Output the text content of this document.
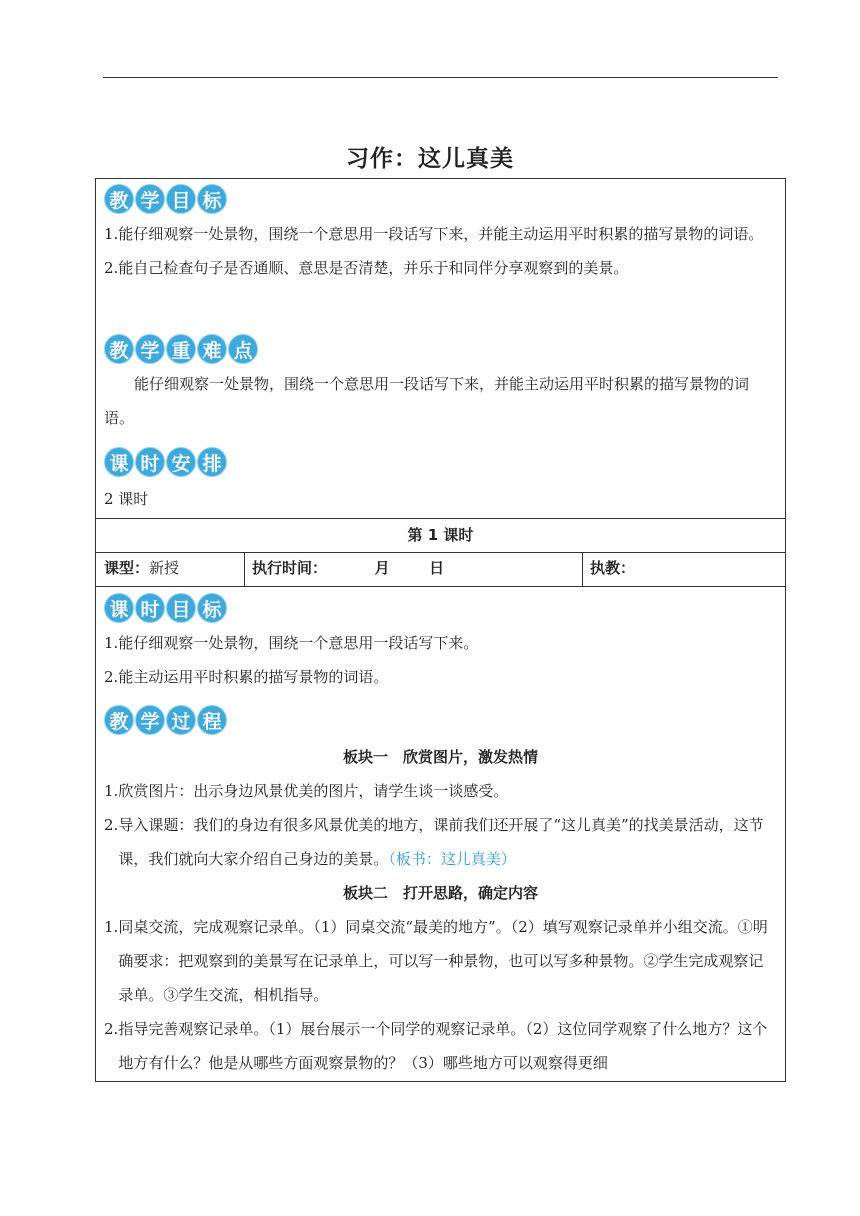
习作：这儿真美
教 学 目 标
1. 能仔细观察一处景物，围绕一个意思用一段话写下来，并能主动运用平时积累的描写景物的词语。
2. 能自己检查句子是否通顺、意思是否清楚，并乐于和同伴分享观察到的美景。
教 学 重 难 点
能仔细观察一处景物，围绕一个意思用一段话写下来，并能主动运用平时积累的描写景物的词语。
课 时 安 排
2 课时
第 1 课时
课型：新授	执行时间：	月	日	执教：
课 时 目 标
1. 能仔细观察一处景物，围绕一个意思用一段话写下来。
2. 能主动运用平时积累的描写景物的词语。
教 学 过 程
板块一　欣赏图片，激发热情
1. 欣赏图片：出示身边风景优美的图片，请学生谈一谈感受。
2. 导入课题：我们的身边有很多风景优美的地方，课前我们还开展了“这儿真美”的找美景活动，这节课，我们就向大家介绍自己身边的美景。（板书：这儿真美）
板块二　打开思路，确定内容
1. 同桌交流，完成观察记录单。（1）同桌交流“最美的地方”。（2）填写观察记录单并小组交流。①明确要求：把观察到的美景写在记录单上，可以写一种景物，也可以写多种景物。②学生完成观察记录单。③学生交流，相机指导。
2. 指导完善观察记录单。（1）展台展示一个同学的观察记录单。（2）这位同学观察了什么地方？这个地方有什么？他是从哪些方面观察景物的？（3）哪些地方可以观察得更细
